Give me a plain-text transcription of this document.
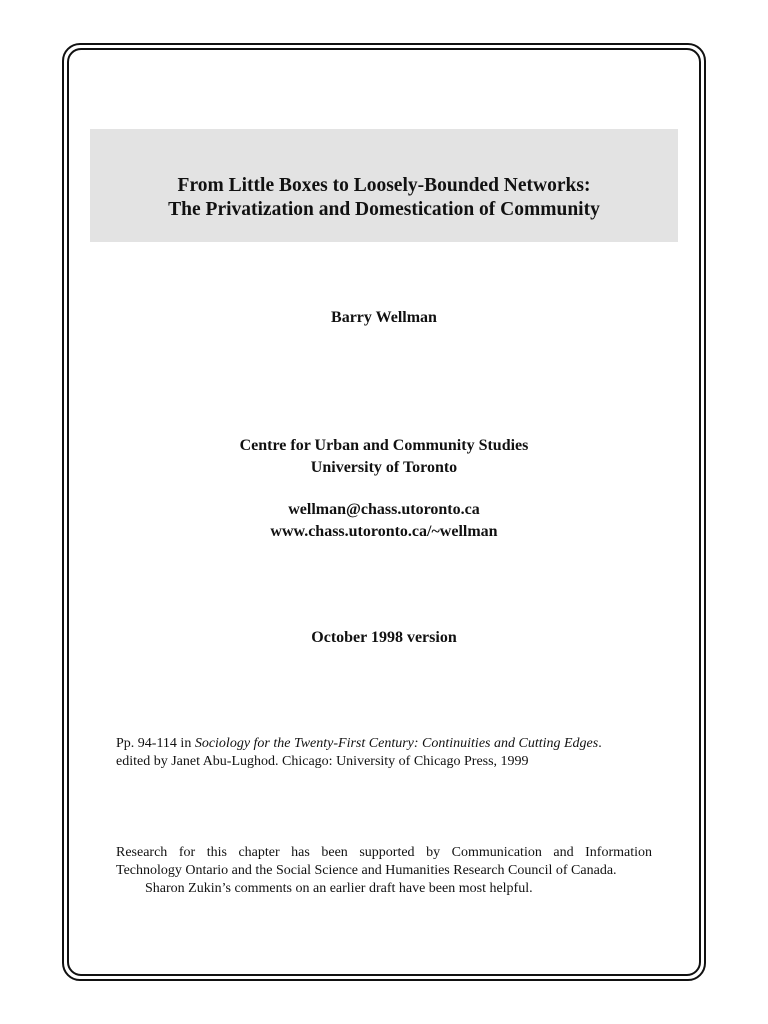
From Little Boxes to Loosely-Bounded Networks:
The Privatization and Domestication of Community
Barry Wellman
Centre for Urban and Community Studies
University of Toronto
wellman@chass.utoronto.ca
www.chass.utoronto.ca/~wellman
October 1998 version
Pp. 94-114 in Sociology for the Twenty-First Century: Continuities and Cutting Edges.
edited by Janet Abu-Lughod. Chicago: University of Chicago Press, 1999
Research for this chapter has been supported by Communication and Information
Technology Ontario and the Social Science and Humanities Research Council of Canada.
Sharon Zukin’s comments on an earlier draft have been most helpful.
